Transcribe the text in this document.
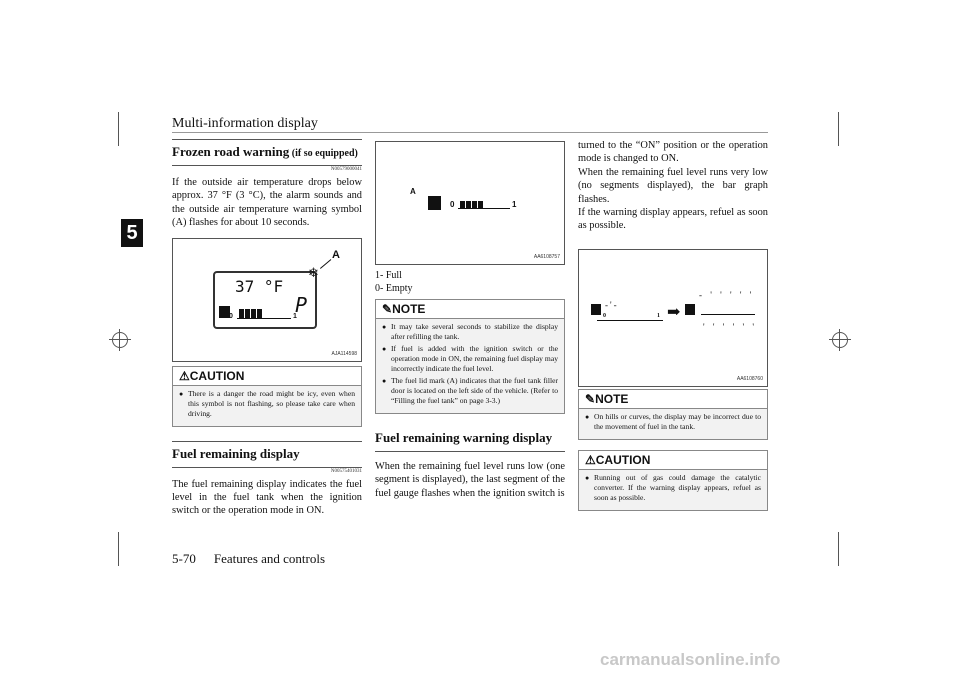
Multi-information display
5
Frozen road warning (if so equipped)
N00579000041
If the outside air temperature drops below approx. 37 °F (3 °C), the alarm sounds and the outside air temperature warning symbol (A) flashes for about 10 seconds.
37 °F
0	1
P
❄
A
AJA114598
⚠CAUTION
● There is a danger the road might be icy, even when this symbol is not flashing, so please take care when driving.
Fuel remaining display
N00575401031
The fuel remaining display indicates the fuel level in the fuel tank when the ignition switch or the operation mode in ON.
A
0	1
AA6108757
1- Full
0- Empty
✎NOTE
● It may take several seconds to stabilize the display after refilling the tank.
● If fuel is added with the ignition switch or the operation mode in ON, the remaining fuel display may incorrectly indicate the fuel level.
● The fuel lid mark (A) indicates that the fuel tank filler door is located on the left side of the vehicle. (Refer to “Filling the fuel tank” on page 3-3.)
Fuel remaining warning display
When the remaining fuel level runs low (one segment is displayed), the last segment of the fuel gauge flashes when the ignition switch is
turned to the “ON” position or the operation mode is changed to ON.
When the remaining fuel level runs very low (no segments displayed), the bar graph flashes.
If the warning display appears, refuel as soon as possible.
-'-
0	1 ➡
- ' ' ' ' '
' ' ' ' ' '
AA6108760
✎NOTE
● On hills or curves, the display may be incorrect due to the movement of fuel in the tank.
⚠CAUTION
● Running out of gas could damage the catalytic converter. If the warning display appears, refuel as soon as possible.
5-70 Features and controls
carmanualsonline.info
